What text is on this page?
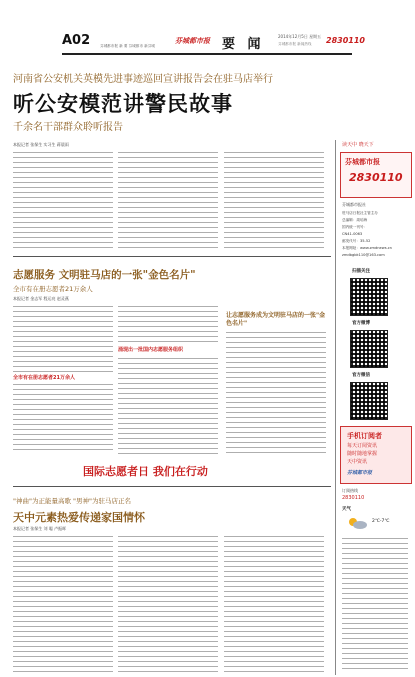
A02	芬城都市报 新 要 芬城都市 新芬城
芬城都市报 要 闻
2014年12月5日 星期五
芬城都市报 新闻热线 2830110
河南省公安机关英模先进事迹巡回宣讲报告会在驻马店举行
听公安模范讲警民故事
千余名干部群众聆听报告
本报记者 张保生 实习生 蒋晨雨
志愿服务 文明驻马店的一张"金色名片"
全市有在册志愿者21万余人
本报记者 金志军 程运亮 赵灵燕
全市有在册志愿者21万余人
涌现出一批国内志愿服务组织
让志愿服务成为文明驻马店的一张"金色名片"
国际志愿者日 我们在行动
"神曲"为正能量高歌 "男神"为驻马店正名
天中元素热爱传递家国情怀
本报记者 张保生 刘 聪 卢振晖
读天中 晓天下
芬城都市报
2830110
芬城都市报社
驻马店日报社主管主办
总编辑：周培海
国内统一刊号：
CN41-0063
邮发代号：35-52
本报网址：www.zmdnews.cn
zmdbgbk110@163.com
扫描关注
官方微博
官方微信
手机订阅者
每天订阅资讯
随时随地掌握
天中资讯
芬城都市报
订阅热线
2830110
天气
2℃-7℃
